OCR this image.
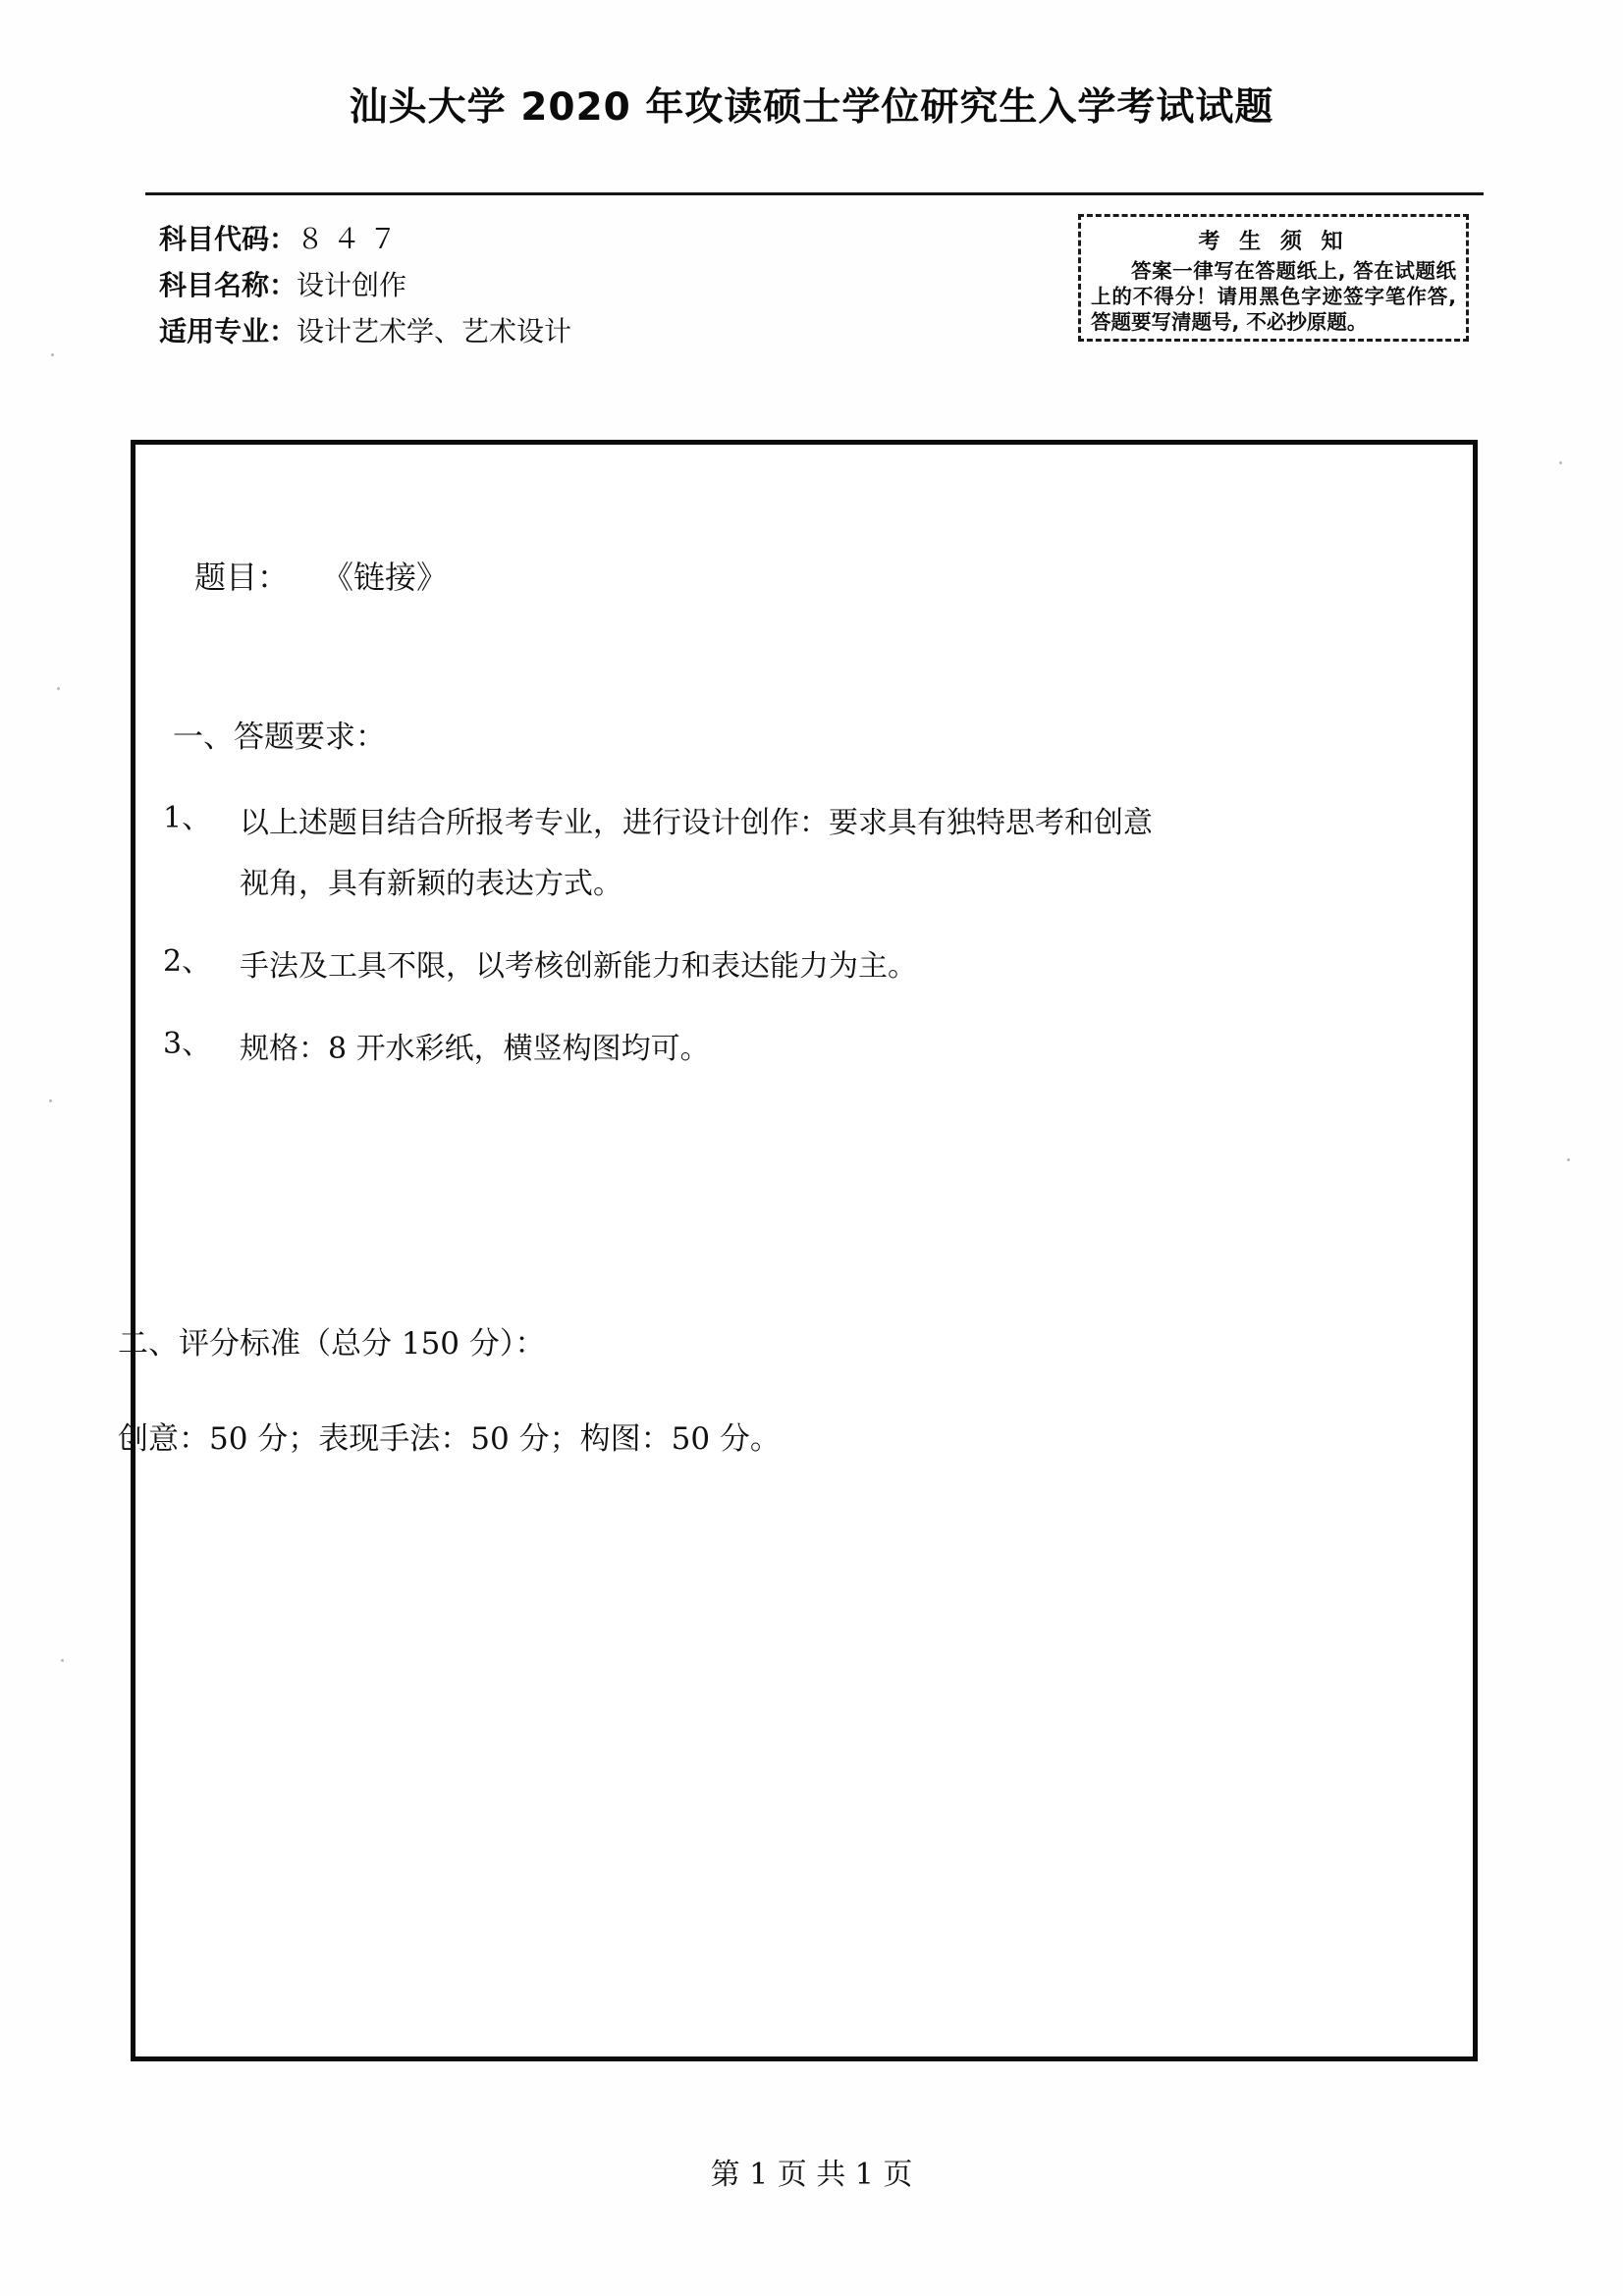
汕头大学 2020 年攻读硕士学位研究生入学考试试题
科目代码：８４７
科目名称：设计创作
适用专业：设计艺术学、艺术设计
考 生 须 知
答案一律写在答题纸上, 答在试题纸上的不得分！请用黑色字迹签字笔作答, 答题要写清题号, 不必抄原题。
题目： 《链接》
一、答题要求：
1、 以上述题目结合所报考专业，进行设计创作：要求具有独特思考和创意
视角，具有新颖的表达方式。
2、 手法及工具不限，以考核创新能力和表达能力为主。
3、 规格：8 开水彩纸，横竖构图均可。

二、评分标准（总分 150 分）：

创意：50 分；表现手法：50 分；构图：50 分。

第 1 页 共 1 页
